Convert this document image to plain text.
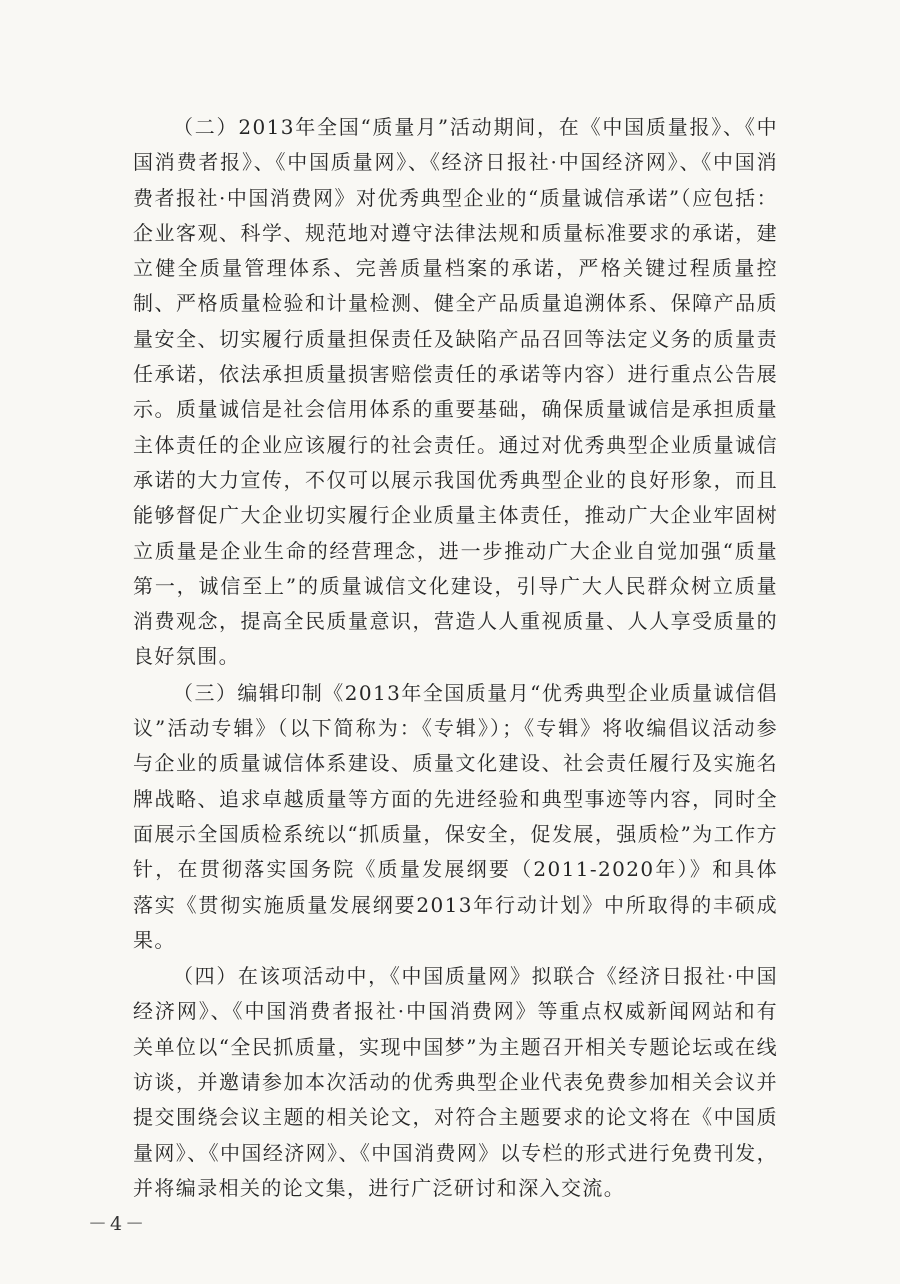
（二）2013年全国“质量月”活动期间，在《中国质量报》、《中国消费者报》、《中国质量网》、《经济日报社·中国经济网》、《中国消费者报社·中国消费网》对优秀典型企业的“质量诚信承诺”（应包括：企业客观、科学、规范地对遵守法律法规和质量标准要求的承诺，建立健全质量管理体系、完善质量档案的承诺，严格关键过程质量控制、严格质量检验和计量检测、健全产品质量追溯体系、保障产品质量安全、切实履行质量担保责任及缺陷产品召回等法定义务的质量责任承诺，依法承担质量损害赔偿责任的承诺等内容）进行重点公告展示。质量诚信是社会信用体系的重要基础，确保质量诚信是承担质量主体责任的企业应该履行的社会责任。通过对优秀典型企业质量诚信承诺的大力宣传，不仅可以展示我国优秀典型企业的良好形象，而且能够督促广大企业切实履行企业质量主体责任，推动广大企业牢固树立质量是企业生命的经营理念，进一步推动广大企业自觉加强“质量第一，诚信至上”的质量诚信文化建设，引导广大人民群众树立质量消费观念，提高全民质量意识，营造人人重视质量、人人享受质量的良好氛围。

（三）编辑印制《2013年全国质量月“优秀典型企业质量诚信倡议”活动专辑》（以下简称为：《专辑》）；《专辑》将收编倡议活动参与企业的质量诚信体系建设、质量文化建设、社会责任履行及实施名牌战略、追求卓越质量等方面的先进经验和典型事迹等内容，同时全面展示全国质检系统以“抓质量，保安全，促发展，强质检”为工作方针，在贯彻落实国务院《质量发展纲要（2011-2020年）》和具体落实《贯彻实施质量发展纲要2013年行动计划》中所取得的丰硕成果。

（四）在该项活动中，《中国质量网》拟联合《经济日报社·中国经济网》、《中国消费者报社·中国消费网》等重点权威新闻网站和有关单位以“全民抓质量，实现中国梦”为主题召开相关专题论坛或在线访谈，并邀请参加本次活动的优秀典型企业代表免费参加相关会议并提交围绕会议主题的相关论文，对符合主题要求的论文将在《中国质量网》、《中国经济网》、《中国消费网》以专栏的形式进行免费刊发，并将编录相关的论文集，进行广泛研讨和深入交流。

－4－
